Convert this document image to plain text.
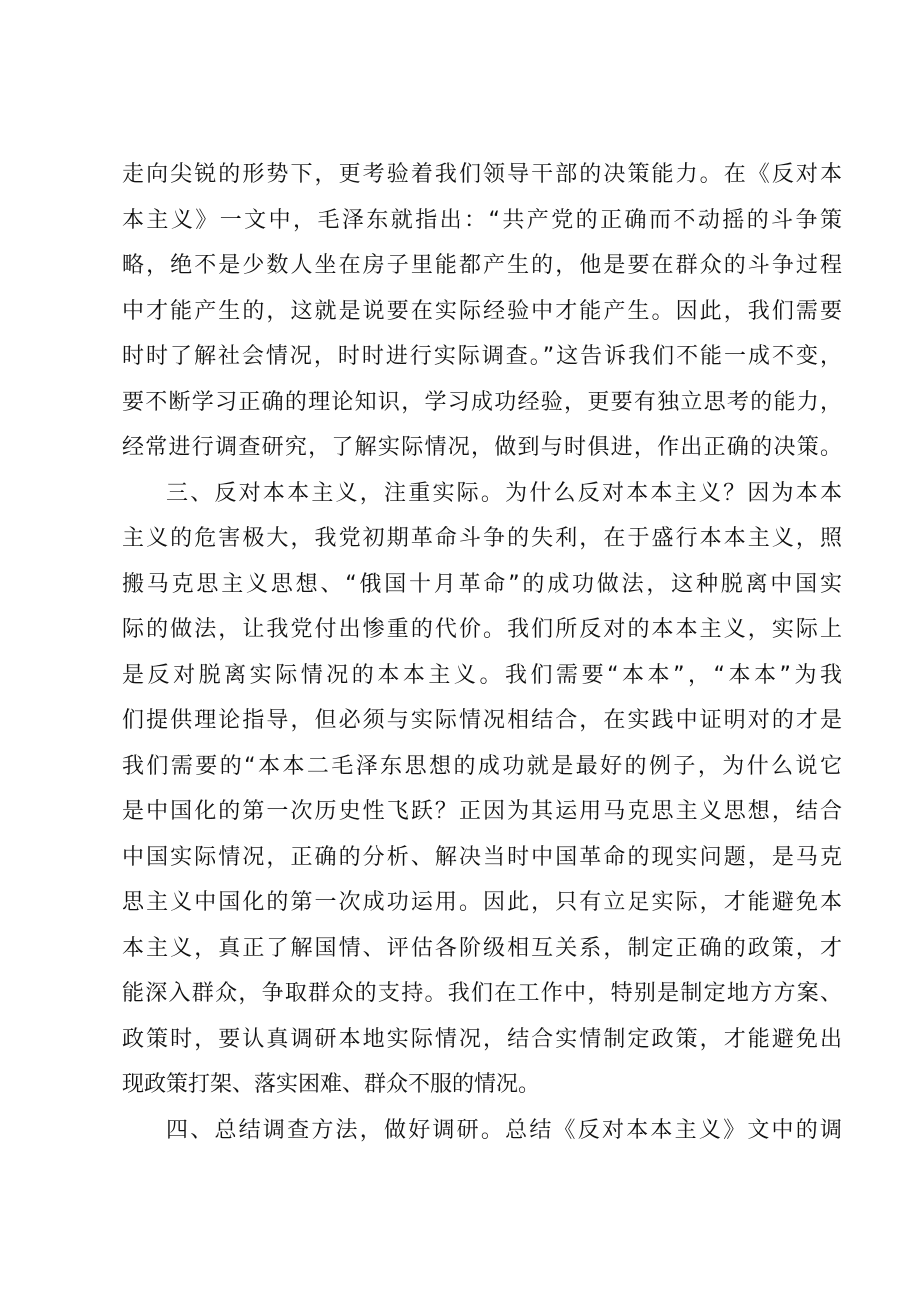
走向尖锐的形势下，更考验着我们领导干部的决策能力。在《反对本
本主义》一文中，毛泽东就指出：“共产党的正确而不动摇的斗争策
略，绝不是少数人坐在房子里能都产生的，他是要在群众的斗争过程
中才能产生的，这就是说要在实际经验中才能产生。因此，我们需要
时时了解社会情况，时时进行实际调查。”这告诉我们不能一成不变，
要不断学习正确的理论知识，学习成功经验，更要有独立思考的能力，
经常进行调查研究，了解实际情况，做到与时俱进，作出正确的决策。
三、反对本本主义，注重实际。为什么反对本本主义？因为本本
主义的危害极大，我党初期革命斗争的失利，在于盛行本本主义，照
搬马克思主义思想、“俄国十月革命”的成功做法，这种脱离中国实
际的做法，让我党付出惨重的代价。我们所反对的本本主义，实际上
是反对脱离实际情况的本本主义。我们需要“本本”，“本本”为我
们提供理论指导，但必须与实际情况相结合，在实践中证明对的才是
我们需要的“本本二毛泽东思想的成功就是最好的例子，为什么说它
是中国化的第一次历史性飞跃？正因为其运用马克思主义思想，结合
中国实际情况，正确的分析、解决当时中国革命的现实问题，是马克
思主义中国化的第一次成功运用。因此，只有立足实际，才能避免本
本主义，真正了解国情、评估各阶级相互关系，制定正确的政策，才
能深入群众，争取群众的支持。我们在工作中，特别是制定地方方案、
政策时，要认真调研本地实际情况，结合实情制定政策，才能避免出
现政策打架、落实困难、群众不服的情况。
四、总结调查方法，做好调研。总结《反对本本主义》文中的调
